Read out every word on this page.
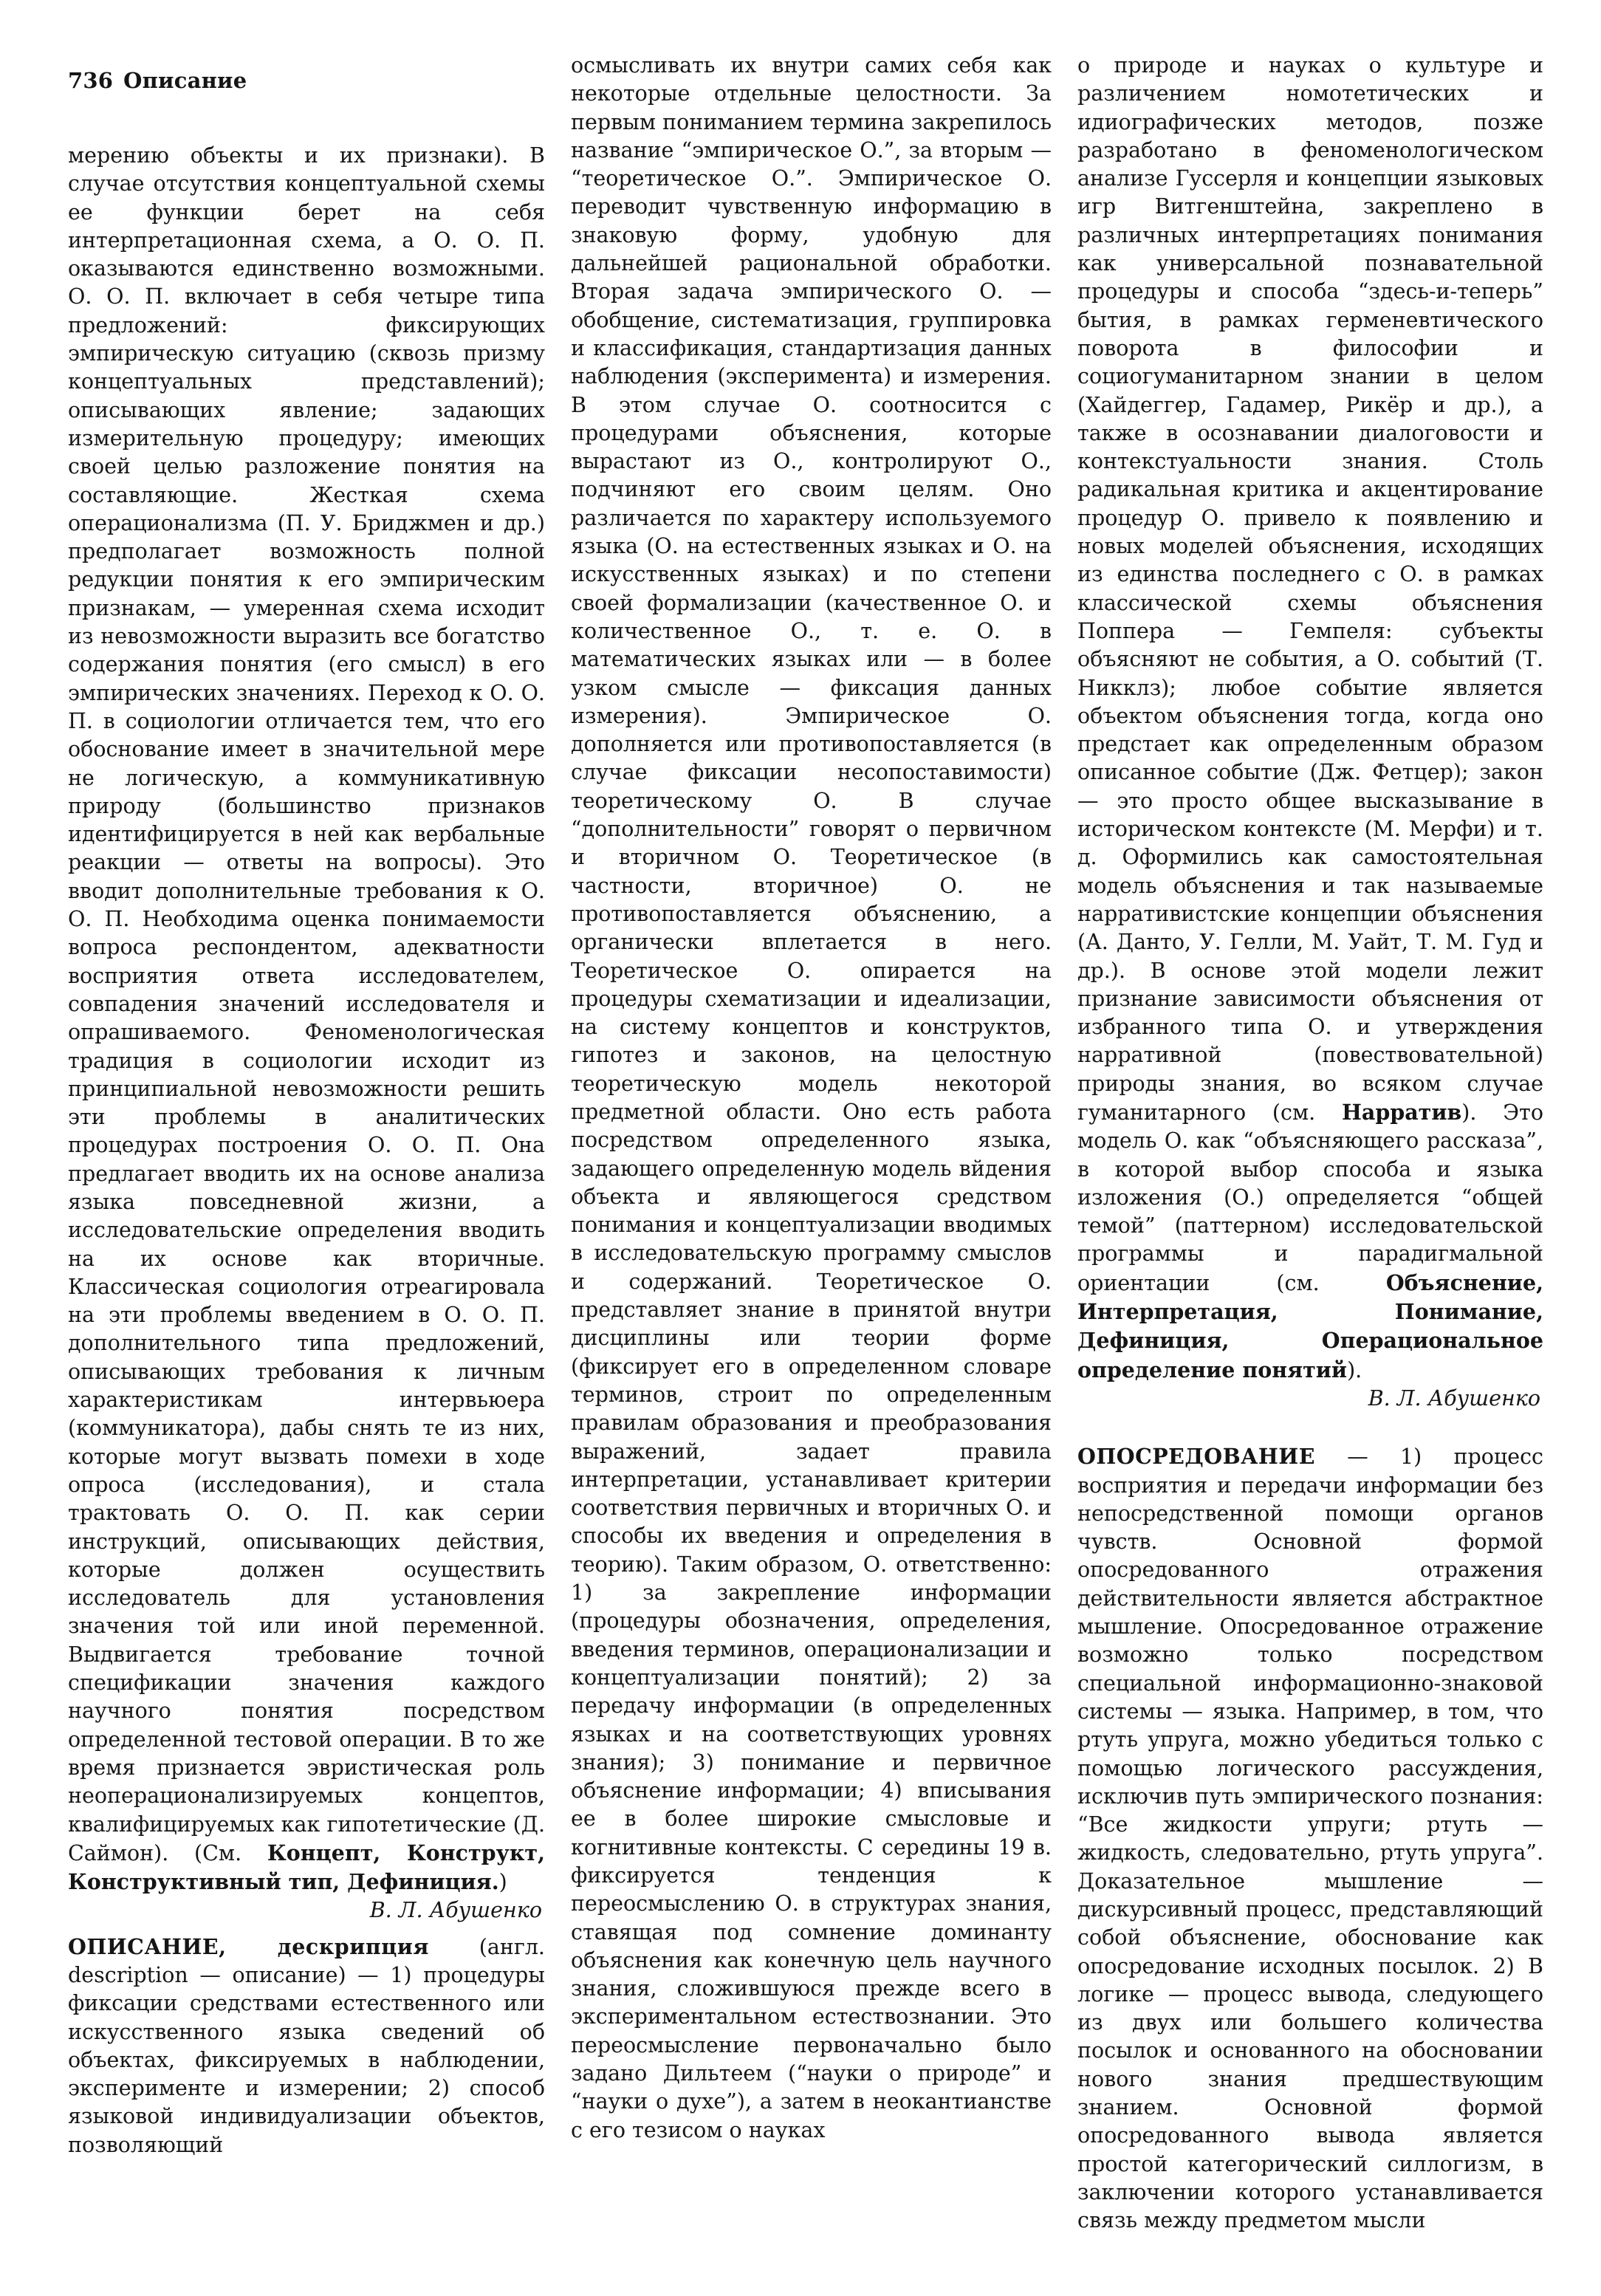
736 Описание

мерению объекты и их признаки). В случае отсутствия концептуальной схемы ее функции берет на себя интерпретационная схема, а О. О. П. оказываются единственно возможными. О. О. П. включает в себя четыре типа предложений: фиксирующих эмпирическую ситуацию (сквозь призму концептуальных представлений); описывающих явление; задающих измерительную процедуру; имеющих своей целью разложение понятия на составляющие. Жесткая схема операционализма (П. У. Бриджмен и др.) предполагает возможность полной редукции понятия к его эмпирическим признакам, — умеренная схема исходит из невозможности выразить все богатство содержания понятия (его смысл) в его эмпирических значениях. Переход к О. О. П. в социологии отличается тем, что его обоснование имеет в значительной мере не логическую, а коммуникативную природу (большинство признаков идентифицируется в ней как вербальные реакции — ответы на вопросы). Это вводит дополнительные требования к О. О. П. Необходима оценка понимаемости вопроса респондентом, адекватности восприятия ответа исследователем, совпадения значений исследователя и опрашиваемого. Феноменологическая традиция в социологии исходит из принципиальной невозможности решить эти проблемы в аналитических процедурах построения О. О. П. Она предлагает вводить их на основе анализа языка повседневной жизни, а исследовательские определения вводить на их основе как вторичные. Классическая социология отреагировала на эти проблемы введением в О. О. П. дополнительного типа предложений, описывающих требования к личным характеристикам интервьюера (коммуникатора), дабы снять те из них, которые могут вызвать помехи в ходе опроса (исследования), и стала трактовать О. О. П. как серии инструкций, описывающих действия, которые должен осуществить исследователь для установления значения той или иной переменной. Выдвигается требование точной спецификации значения каждого научного понятия посредством определенной тестовой операции. В то же время признается эвристическая роль неоперационализируемых концептов, квалифицируемых как гипотетические (Д. Саймон). (См. Концепт, Конструкт, Конструктивный тип, Дефиниция.)

В. Л. Абушенко

ОПИСАНИЕ, дескрипция (англ. description — описание) — 1) процедуры фиксации средствами естественного или искусственного языка сведений об объектах, фиксируемых в наблюдении, эксперименте и измерении; 2) способ языковой индивидуализации объектов, позволяющий

осмысливать их внутри самих себя как некоторые отдельные целостности. За первым пониманием термина закрепилось название “эмпирическое О.”, за вторым — “теоретическое О.”. Эмпирическое О. переводит чувственную информацию в знаковую форму, удобную для дальнейшей рациональной обработки. Вторая задача эмпирического О. — обобщение, систематизация, группировка и классификация, стандартизация данных наблюдения (эксперимента) и измерения. В этом случае О. соотносится с процедурами объяснения, которые вырастают из О., контролируют О., подчиняют его своим целям. Оно различается по характеру используемого языка (О. на естественных языках и О. на искусственных языках) и по степени своей формализации (качественное О. и количественное О., т. е. О. в математических языках или — в более узком смысле — фиксация данных измерения). Эмпирическое О. дополняется или противопоставляется (в случае фиксации несопоставимости) теоретическому О. В случае “дополнительности” говорят о первичном и вторичном О. Теоретическое (в частности, вторичное) О. не противопоставляется объяснению, а органически вплетается в него. Теоретическое О. опирается на процедуры схематизации и идеализации, на систему концептов и конструктов, гипотез и законов, на целостную теоретическую модель некоторой предметной области. Оно есть работа посредством определенного языка, задающего определенную модель вйдения объекта и являющегося средством понимания и концептуализации вводимых в исследовательскую программу смыслов и содержаний. Теоретическое О. представляет знание в принятой внутри дисциплины или теории форме (фиксирует его в определенном словаре терминов, строит по определенным правилам образования и преобразования выражений, задает правила интерпретации, устанавливает критерии соответствия первичных и вторичных О. и способы их введения и определения в теорию). Таким образом, О. ответственно: 1) за закрепление информации (процедуры обозначения, определения, введения терминов, операционализации и концептуализации понятий); 2) за передачу информации (в определенных языках и на соответствующих уровнях знания); 3) понимание и первичное объяснение информации; 4) вписывания ее в более широкие смысловые и когнитивные контексты. С середины 19 в. фиксируется тенденция к переосмыслению О. в структурах знания, ставящая под сомнение доминанту объяснения как конечную цель научного знания, сложившуюся прежде всего в экспериментальном естествознании. Это переосмысление первоначально было задано Дильтеем (“науки о природе” и “науки о духе”), а затем в неокантианстве с его тезисом о науках

о природе и науках о культуре и различением номотетических и идиографических методов, позже разработано в феноменологическом анализе Гуссерля и концепции языковых игр Витгенштейна, закреплено в различных интерпретациях понимания как универсальной познавательной процедуры и способа “здесь-и-теперь” бытия, в рамках герменевтического поворота в философии и социогуманитарном знании в целом (Хайдеггер, Гадамер, Рикёр и др.), а также в осознавании диалоговости и контекстуальности знания. Столь радикальная критика и акцентирование процедур О. привело к появлению и новых моделей объяснения, исходящих из единства последнего с О. в рамках классической схемы объяснения Поппера — Гемпеля: субъекты объясняют не события, а О. событий (Т. Никклз); любое событие является объектом объяснения тогда, когда оно предстает как определенным образом описанное событие (Дж. Фетцер); закон — это просто общее высказывание в историческом контексте (М. Мерфи) и т. д. Оформились как самостоятельная модель объяснения и так называемые нарративистские концепции объяснения (А. Данто, У. Гелли, М. Уайт, Т. М. Гуд и др.). В основе этой модели лежит признание зависимости объяснения от избранного типа О. и утверждения нарративной (повествовательной) природы знания, во всяком случае гуманитарного (см. Нарратив). Это модель О. как “объясняющего рассказа”, в которой выбор способа и языка изложения (О.) определяется “общей темой” (паттерном) исследовательской программы и парадигмальной ориентации (см. Объяснение, Интерпретация, Понимание, Дефиниция, Операциональное определение понятий).

В. Л. Абушенко

ОПОСРЕДОВАНИЕ — 1) процесс восприятия и передачи информации без непосредственной помощи органов чувств. Основной формой опосредованного отражения действительности является абстрактное мышление. Опосредованное отражение возможно только посредством специальной информационно-знаковой системы — языка. Например, в том, что ртуть упруга, можно убедиться только с помощью логического рассуждения, исключив путь эмпирического познания: “Все жидкости упруги; ртуть — жидкость, следовательно, ртуть упруга”. Доказательное мышление — дискурсивный процесс, представляющий собой объяснение, обоснование как опосредование исходных посылок. 2) В логике — процесс вывода, следующего из двух или большего количества посылок и основанного на обосновании нового знания предшествующим знанием. Основной формой опосредованного вывода является простой категорический силлогизм, в заключении которого устанавливается связь между предметом мысли
